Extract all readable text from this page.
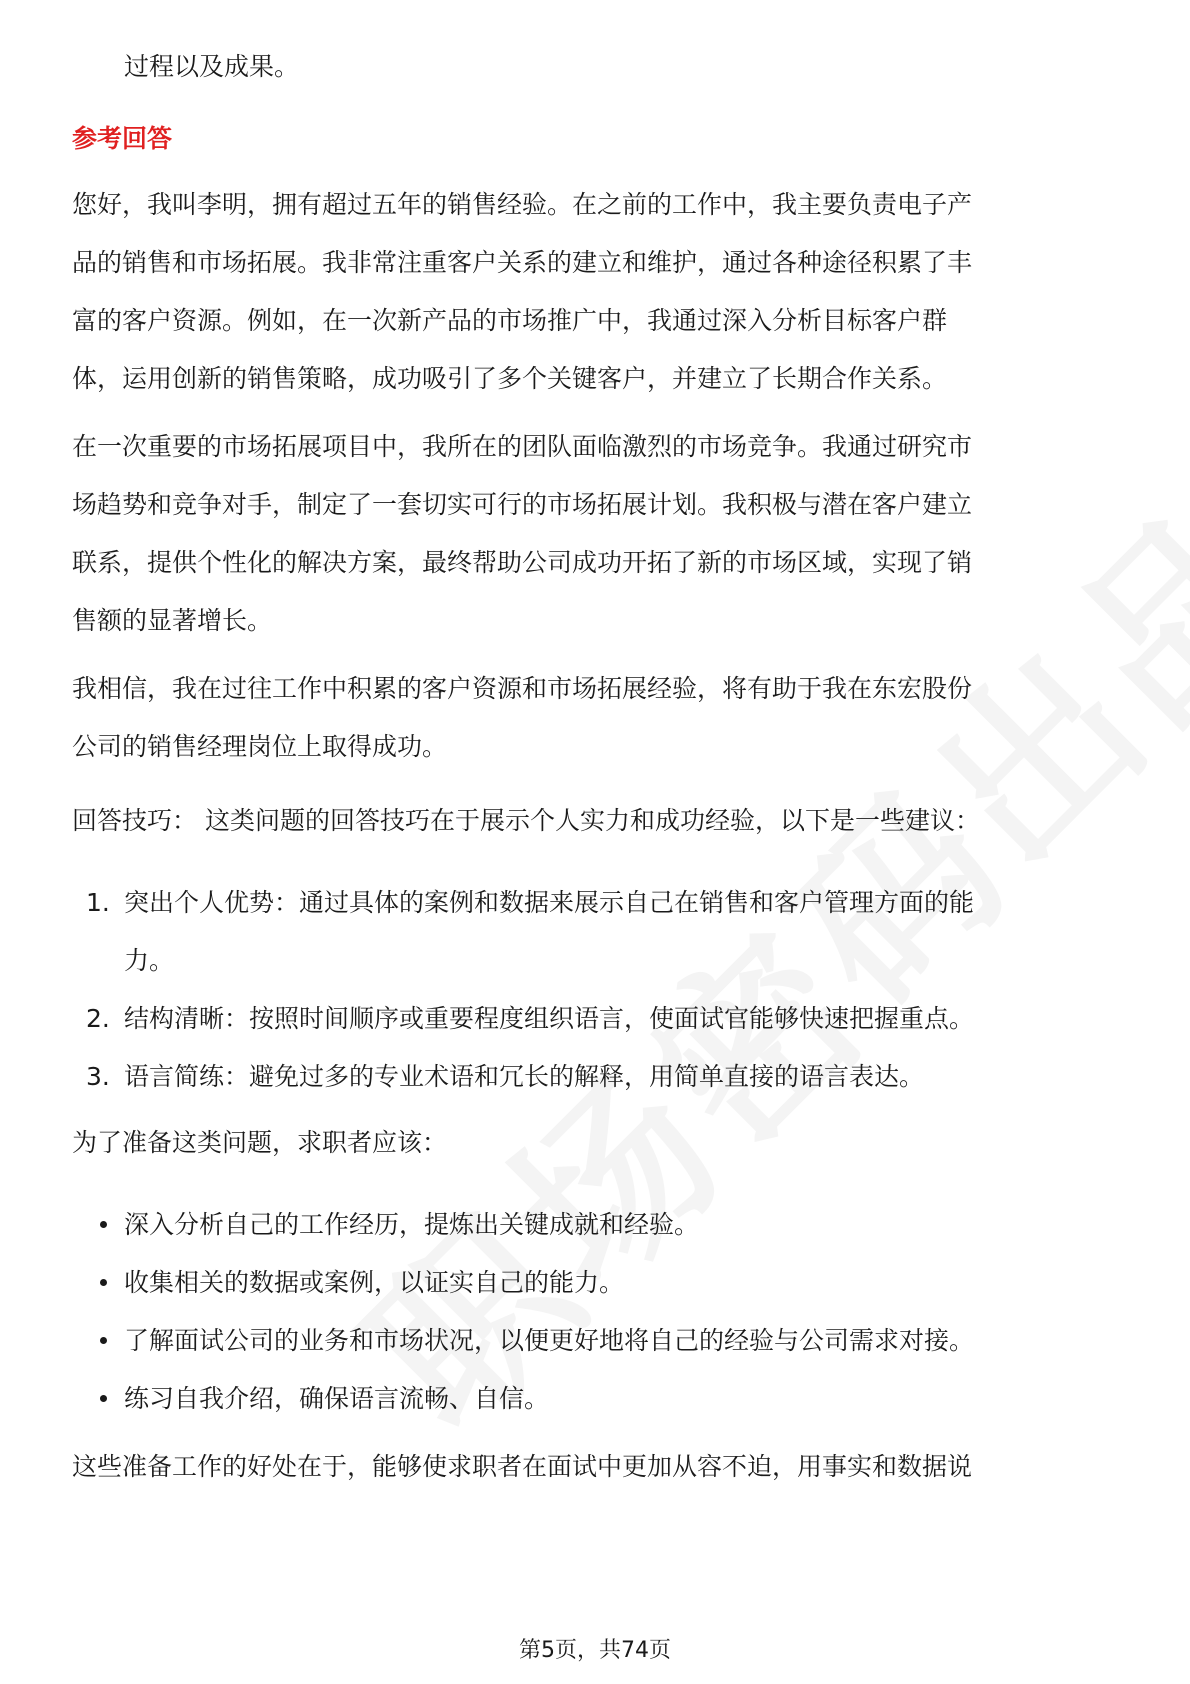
过程以及成果。
参考回答
您好，我叫李明，拥有超过五年的销售经验。在之前的工作中，我主要负责电子产
品的销售和市场拓展。我非常注重客户关系的建立和维护，通过各种途径积累了丰
富的客户资源。例如，在一次新产品的市场推广中，我通过深入分析目标客户群
体，运用创新的销售策略，成功吸引了多个关键客户，并建立了长期合作关系。
在一次重要的市场拓展项目中，我所在的团队面临激烈的市场竞争。我通过研究市
场趋势和竞争对手，制定了一套切实可行的市场拓展计划。我积极与潜在客户建立
联系，提供个性化的解决方案，最终帮助公司成功开拓了新的市场区域，实现了销
售额的显著增长。
我相信，我在过往工作中积累的客户资源和市场拓展经验，将有助于我在东宏股份
公司的销售经理岗位上取得成功。
回答技巧： 这类问题的回答技巧在于展示个人实力和成功经验，以下是一些建议：
1. 突出个人优势：通过具体的案例和数据来展示自己在销售和客户管理方面的能
力。
2. 结构清晰：按照时间顺序或重要程度组织语言，使面试官能够快速把握重点。
3. 语言简练：避免过多的专业术语和冗长的解释，用简单直接的语言表达。
为了准备这类问题，求职者应该：
深入分析自己的工作经历，提炼出关键成就和经验。
收集相关的数据或案例，以证实自己的能力。
了解面试公司的业务和市场状况，以便更好地将自己的经验与公司需求对接。
练习自我介绍，确保语言流畅、自信。
这些准备工作的好处在于，能够使求职者在面试中更加从容不迫，用事实和数据说
第5页，共74页
